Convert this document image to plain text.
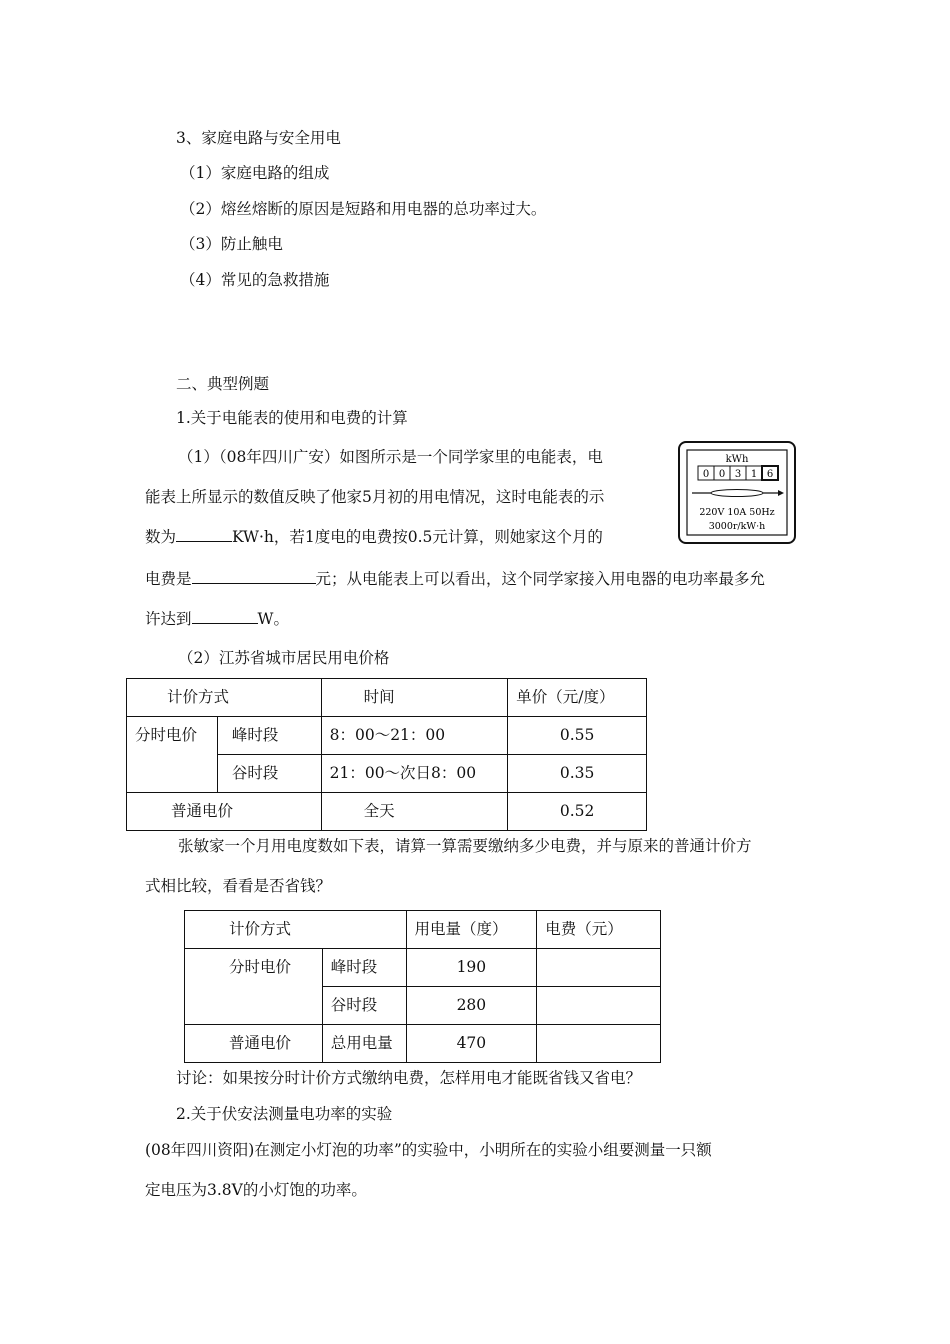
3、家庭电路与安全用电
（1）家庭电路的组成
（2）熔丝熔断的原因是短路和用电器的总功率过大。
（3）防止触电
（4）常见的急救措施
二、典型例题
1.关于电能表的使用和电费的计算
（1）（08年四川广安）如图所示是一个同学家里的电能表，电
能表上所显示的数值反映了他家5月初的用电情况，这时电能表的示
数为	KW·h，若1度电的电费按0.5元计算，则她家这个月的
电费是	元；从电能表上可以看出，这个同学家接入用电器的电功率最多允
许达到	W。
kWh
0 0 3 1 6
220V 10A 50Hz
3000r/kW·h
（2）江苏省城市居民用电价格
计价方式		时间	单价（元/度）
分时电价	峰时段	8：00～21：00	0.55
	谷时段	21：00～次日8：00	0.35
普通电价		全天	0.52
张敏家一个月用电度数如下表，请算一算需要缴纳多少电费，并与原来的普通计价方
式相比较，看看是否省钱？
计价方式		用电量（度）	电费（元）
分时电价	峰时段	190	
	谷时段	280	
普通电价	总用电量	470	
讨论：如果按分时计价方式缴纳电费，怎样用电才能既省钱又省电？
2.关于伏安法测量电功率的实验
(08年四川资阳)在测定小灯泡的功率”的实验中，小明所在的实验小组要测量一只额
定电压为3.8V的小灯饱的功率。
